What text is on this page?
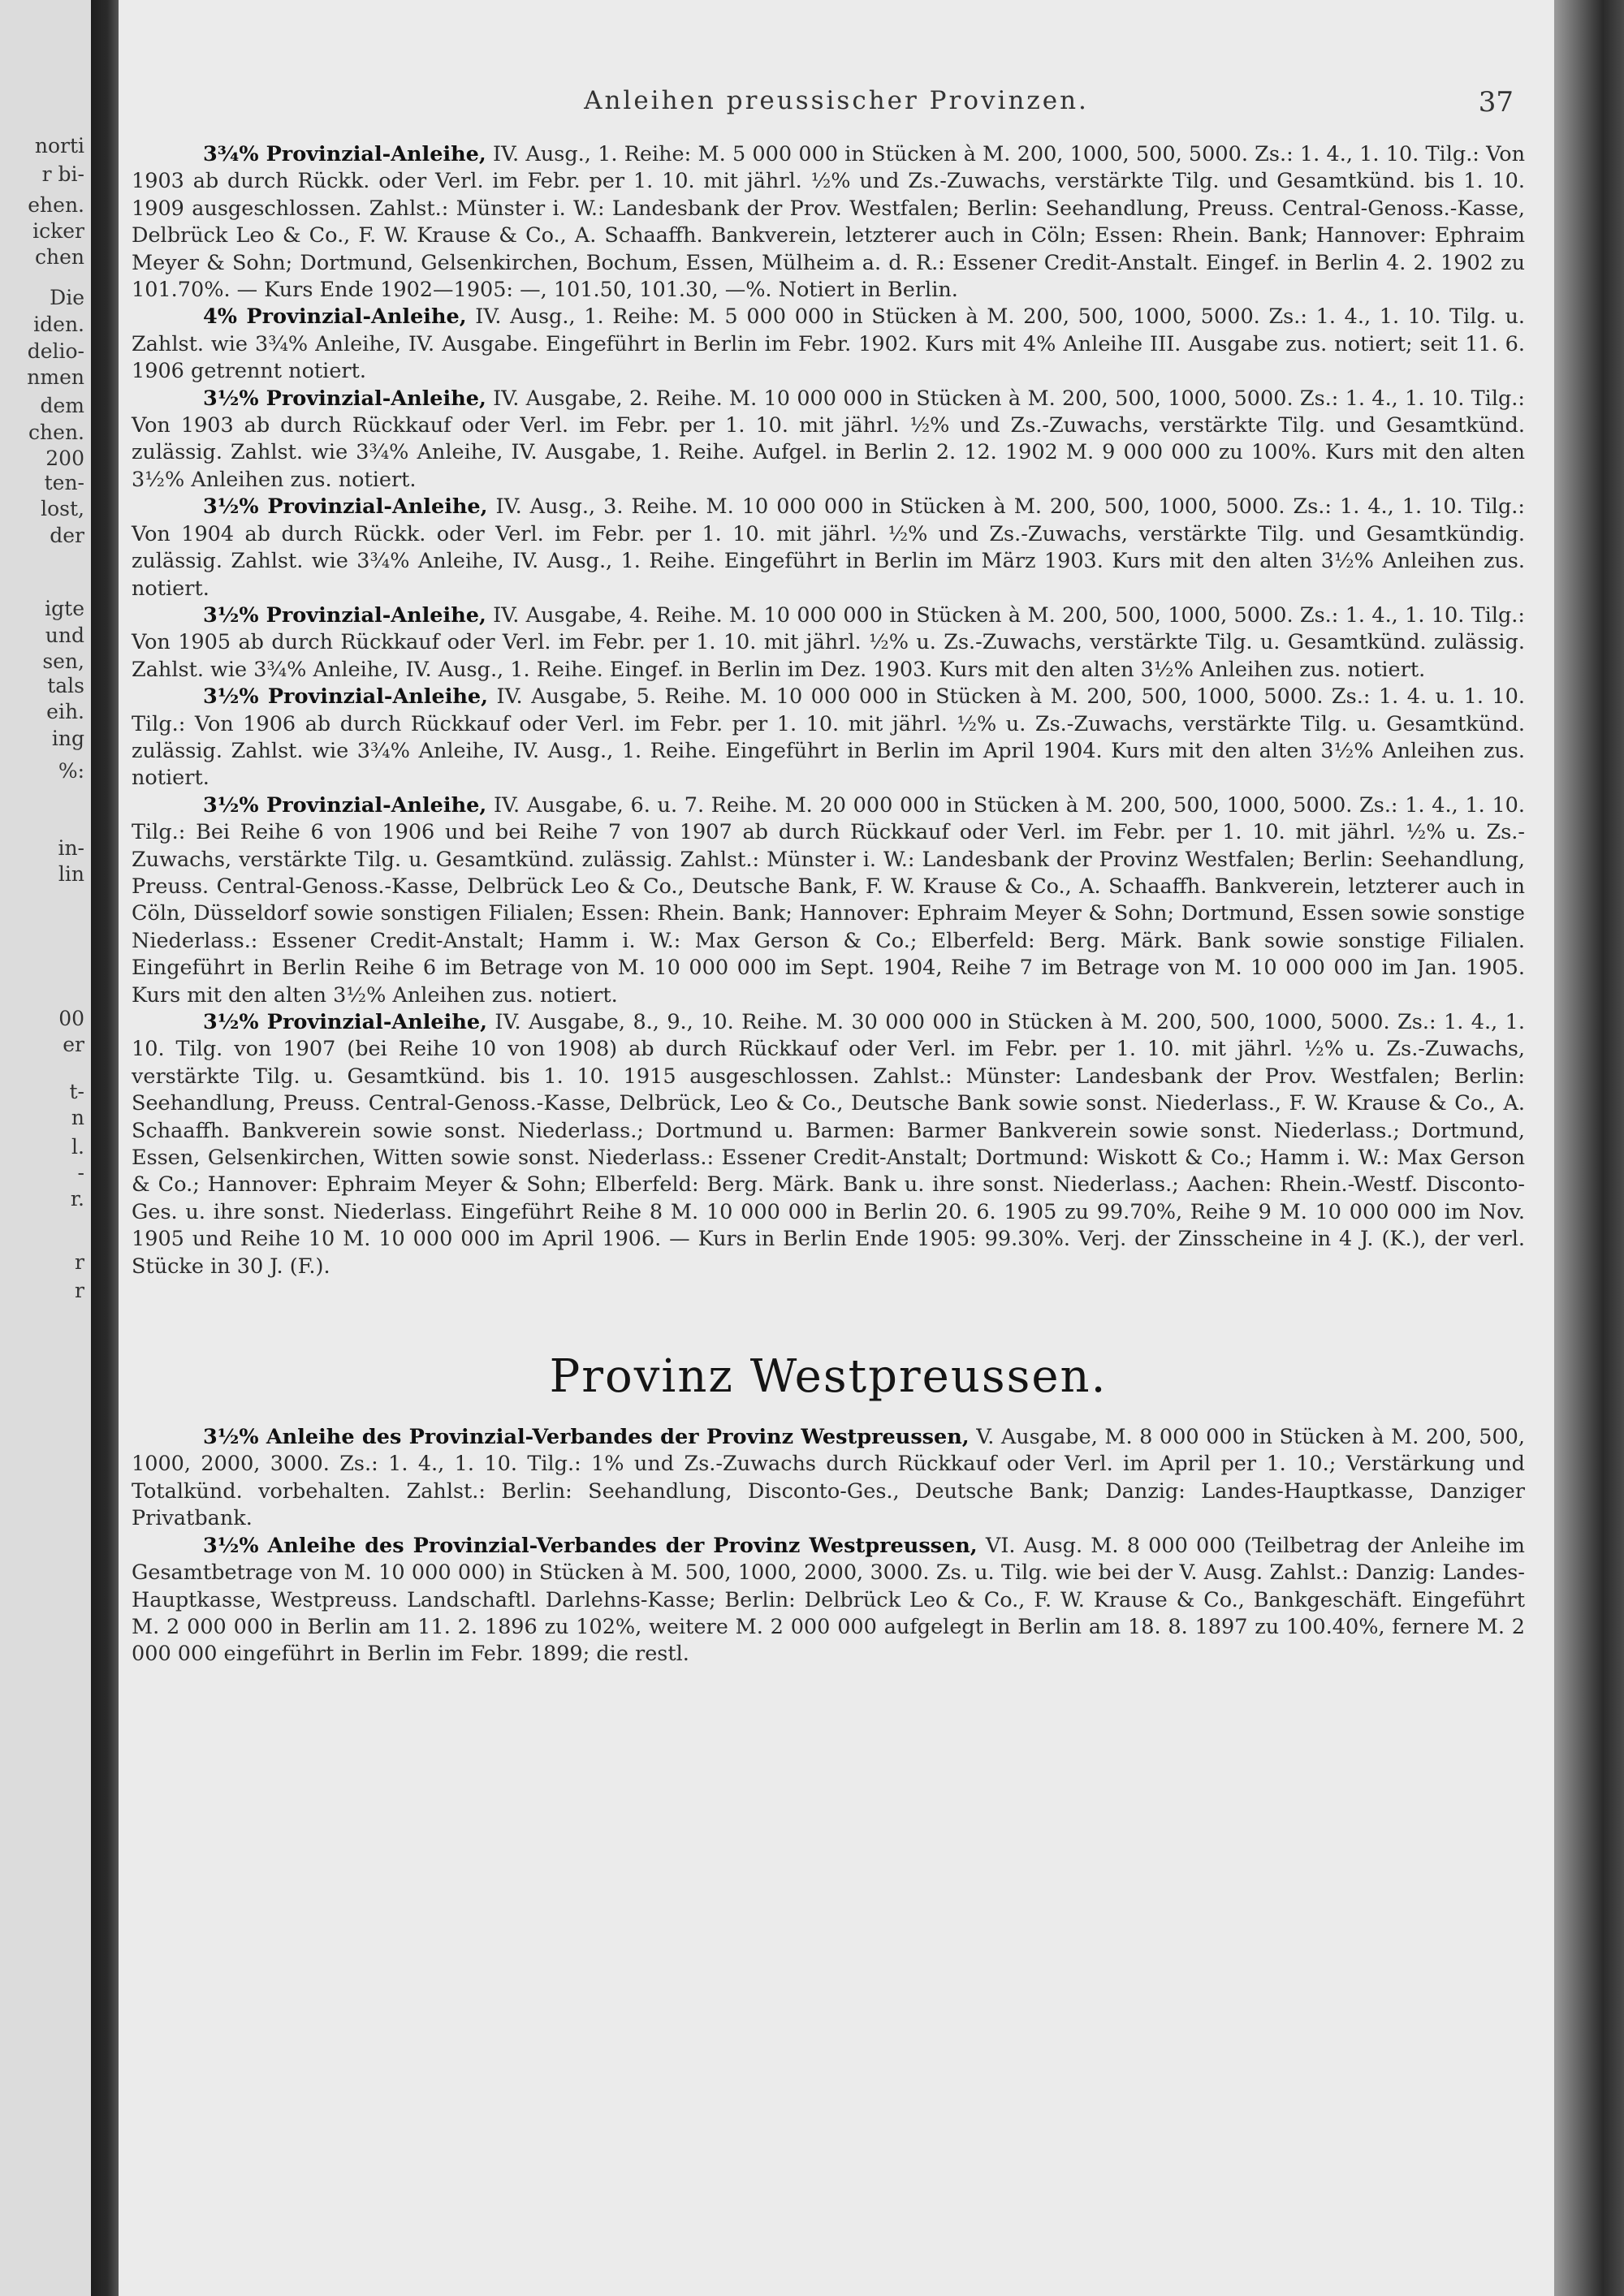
norti
r bi-
ehen.
icker
chen
Die
iden.
delio-
nmen
dem
chen.
200
ten-
lost,
der
igte
und
sen,
tals
eih.
ing
%:
in-
lin
00
er
t-
n
l.
-
r.
r
r
Anleihen preussischer Provinzen.	37

3¾% Provinzial-Anleihe, IV. Ausg., 1. Reihe: M. 5 000 000 in Stücken à M. 200, 1000, 500, 5000. Zs.: 1. 4., 1. 10. Tilg.: Von 1903 ab durch Rückk. oder Verl. im Febr. per 1. 10. mit jährl. ½% und Zs.-Zuwachs, verstärkte Tilg. und Gesamtkünd. bis 1. 10. 1909 ausgeschlossen. Zahlst.: Münster i. W.: Landesbank der Prov. Westfalen; Berlin: Seehandlung, Preuss. Central-Genoss.-Kasse, Delbrück Leo & Co., F. W. Krause & Co., A. Schaaffh. Bankverein, letzterer auch in Cöln; Essen: Rhein. Bank; Hannover: Ephraim Meyer & Sohn; Dortmund, Gelsenkirchen, Bochum, Essen, Mülheim a. d. R.: Essener Credit-Anstalt. Eingef. in Berlin 4. 2. 1902 zu 101.70%. — Kurs Ende 1902—1905: —, 101.50, 101.30, —%. Notiert in Berlin.

4% Provinzial-Anleihe, IV. Ausg., 1. Reihe: M. 5 000 000 in Stücken à M. 200, 500, 1000, 5000. Zs.: 1. 4., 1. 10. Tilg. u. Zahlst. wie 3¾% Anleihe, IV. Ausgabe. Eingeführt in Berlin im Febr. 1902. Kurs mit 4% Anleihe III. Ausgabe zus. notiert; seit 11. 6. 1906 getrennt notiert.

3½% Provinzial-Anleihe, IV. Ausgabe, 2. Reihe. M. 10 000 000 in Stücken à M. 200, 500, 1000, 5000. Zs.: 1. 4., 1. 10. Tilg.: Von 1903 ab durch Rückkauf oder Verl. im Febr. per 1. 10. mit jährl. ½% und Zs.-Zuwachs, verstärkte Tilg. und Gesamtkünd. zulässig. Zahlst. wie 3¾% Anleihe, IV. Ausgabe, 1. Reihe. Aufgel. in Berlin 2. 12. 1902 M. 9 000 000 zu 100%. Kurs mit den alten 3½% Anleihen zus. notiert.

3½% Provinzial-Anleihe, IV. Ausg., 3. Reihe. M. 10 000 000 in Stücken à M. 200, 500, 1000, 5000. Zs.: 1. 4., 1. 10. Tilg.: Von 1904 ab durch Rückk. oder Verl. im Febr. per 1. 10. mit jährl. ½% und Zs.-Zuwachs, verstärkte Tilg. und Gesamtkündig. zulässig. Zahlst. wie 3¾% Anleihe, IV. Ausg., 1. Reihe. Eingeführt in Berlin im März 1903. Kurs mit den alten 3½% Anleihen zus. notiert.

3½% Provinzial-Anleihe, IV. Ausgabe, 4. Reihe. M. 10 000 000 in Stücken à M. 200, 500, 1000, 5000. Zs.: 1. 4., 1. 10. Tilg.: Von 1905 ab durch Rückkauf oder Verl. im Febr. per 1. 10. mit jährl. ½% u. Zs.-Zuwachs, verstärkte Tilg. u. Gesamtkünd. zulässig. Zahlst. wie 3¾% Anleihe, IV. Ausg., 1. Reihe. Eingef. in Berlin im Dez. 1903. Kurs mit den alten 3½% Anleihen zus. notiert.

3½% Provinzial-Anleihe, IV. Ausgabe, 5. Reihe. M. 10 000 000 in Stücken à M. 200, 500, 1000, 5000. Zs.: 1. 4. u. 1. 10. Tilg.: Von 1906 ab durch Rückkauf oder Verl. im Febr. per 1. 10. mit jährl. ½% u. Zs.-Zuwachs, verstärkte Tilg. u. Gesamtkünd. zulässig. Zahlst. wie 3¾% Anleihe, IV. Ausg., 1. Reihe. Eingeführt in Berlin im April 1904. Kurs mit den alten 3½% Anleihen zus. notiert.

3½% Provinzial-Anleihe, IV. Ausgabe, 6. u. 7. Reihe. M. 20 000 000 in Stücken à M. 200, 500, 1000, 5000. Zs.: 1. 4., 1. 10. Tilg.: Bei Reihe 6 von 1906 und bei Reihe 7 von 1907 ab durch Rückkauf oder Verl. im Febr. per 1. 10. mit jährl. ½% u. Zs.-Zuwachs, verstärkte Tilg. u. Gesamtkünd. zulässig. Zahlst.: Münster i. W.: Landesbank der Provinz Westfalen; Berlin: Seehandlung, Preuss. Central-Genoss.-Kasse, Delbrück Leo & Co., Deutsche Bank, F. W. Krause & Co., A. Schaaffh. Bankverein, letzterer auch in Cöln, Düsseldorf sowie sonstigen Filialen; Essen: Rhein. Bank; Hannover: Ephraim Meyer & Sohn; Dortmund, Essen sowie sonstige Niederlass.: Essener Credit-Anstalt; Hamm i. W.: Max Gerson & Co.; Elberfeld: Berg. Märk. Bank sowie sonstige Filialen. Eingeführt in Berlin Reihe 6 im Betrage von M. 10 000 000 im Sept. 1904, Reihe 7 im Betrage von M. 10 000 000 im Jan. 1905. Kurs mit den alten 3½% Anleihen zus. notiert.

3½% Provinzial-Anleihe, IV. Ausgabe, 8., 9., 10. Reihe. M. 30 000 000 in Stücken à M. 200, 500, 1000, 5000. Zs.: 1. 4., 1. 10. Tilg. von 1907 (bei Reihe 10 von 1908) ab durch Rückkauf oder Verl. im Febr. per 1. 10. mit jährl. ½% u. Zs.-Zuwachs, verstärkte Tilg. u. Gesamtkünd. bis 1. 10. 1915 ausgeschlossen. Zahlst.: Münster: Landesbank der Prov. Westfalen; Berlin: Seehandlung, Preuss. Central-Genoss.-Kasse, Delbrück, Leo & Co., Deutsche Bank sowie sonst. Niederlass., F. W. Krause & Co., A. Schaaffh. Bankverein sowie sonst. Niederlass.; Dortmund u. Barmen: Barmer Bankverein sowie sonst. Niederlass.; Dortmund, Essen, Gelsenkirchen, Witten sowie sonst. Niederlass.: Essener Credit-Anstalt; Dortmund: Wiskott & Co.; Hamm i. W.: Max Gerson & Co.; Hannover: Ephraim Meyer & Sohn; Elberfeld: Berg. Märk. Bank u. ihre sonst. Niederlass.; Aachen: Rhein.-Westf. Disconto-Ges. u. ihre sonst. Niederlass. Eingeführt Reihe 8 M. 10 000 000 in Berlin 20. 6. 1905 zu 99.70%, Reihe 9 M. 10 000 000 im Nov. 1905 und Reihe 10 M. 10 000 000 im April 1906. — Kurs in Berlin Ende 1905: 99.30%. Verj. der Zinsscheine in 4 J. (K.), der verl. Stücke in 30 J. (F.).

Provinz Westpreussen.

3½% Anleihe des Provinzial-Verbandes der Provinz Westpreussen, V. Ausgabe, M. 8 000 000 in Stücken à M. 200, 500, 1000, 2000, 3000. Zs.: 1. 4., 1. 10. Tilg.: 1% und Zs.-Zuwachs durch Rückkauf oder Verl. im April per 1. 10.; Verstärkung und Totalkünd. vorbehalten. Zahlst.: Berlin: Seehandlung, Disconto-Ges., Deutsche Bank; Danzig: Landes-Hauptkasse, Danziger Privatbank.

3½% Anleihe des Provinzial-Verbandes der Provinz Westpreussen, VI. Ausg. M. 8 000 000 (Teilbetrag der Anleihe im Gesamtbetrage von M. 10 000 000) in Stücken à M. 500, 1000, 2000, 3000. Zs. u. Tilg. wie bei der V. Ausg. Zahlst.: Danzig: Landes-Hauptkasse, Westpreuss. Landschaftl. Darlehns-Kasse; Berlin: Delbrück Leo & Co., F. W. Krause & Co., Bankgeschäft. Eingeführt M. 2 000 000 in Berlin am 11. 2. 1896 zu 102%, weitere M. 2 000 000 aufgelegt in Berlin am 18. 8. 1897 zu 100.40%, fernere M. 2 000 000 eingeführt in Berlin im Febr. 1899; die restl.
